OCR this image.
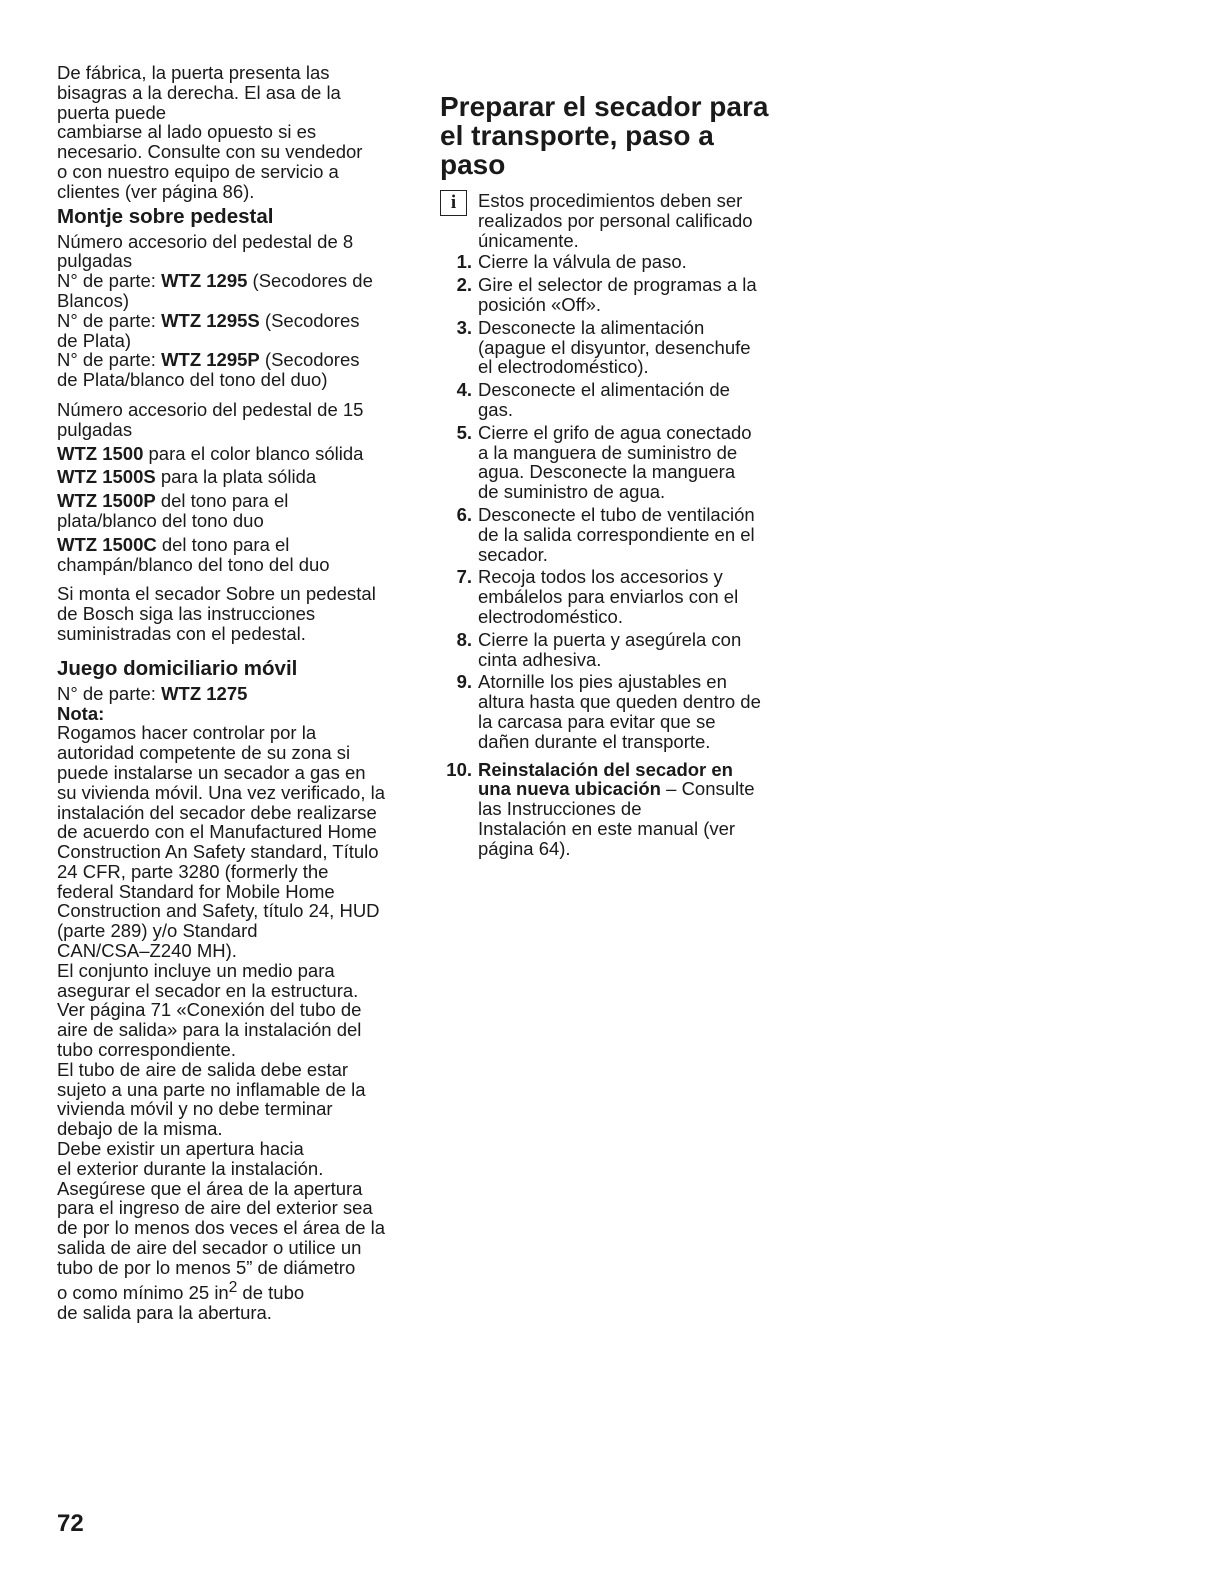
De fábrica, la puerta presenta las
bisagras a la derecha. El asa de la
puerta puede
cambiarse al lado opuesto si es
necesario. Consulte con su vendedor
o con nuestro equipo de servicio a
clientes (ver página 86).

Montje sobre pedestal

Número accesorio del pedestal de 8
pulgadas

N° de parte: WTZ 1295 (Secodores de
Blancos)

N° de parte: WTZ 1295S (Secodores
de Plata)

N° de parte: WTZ 1295P (Secodores
de Plata/blanco del tono del duo)

Número accesorio del pedestal de 15
pulgadas

WTZ 1500 para el color blanco sólida

WTZ 1500S para la plata sólida

WTZ 1500P del tono para el
plata/blanco del tono duo

WTZ 1500C del tono para el
champán/blanco del tono del duo

Si monta el secador Sobre un pedestal
de Bosch siga las instrucciones
suministradas con el pedestal.

Juego domiciliario móvil

N° de parte: WTZ 1275

Nota:

Rogamos hacer controlar por la
autoridad competente de su zona si
puede instalarse un secador a gas en
su vivienda móvil. Una vez verificado, la
instalación del secador debe realizarse
de acuerdo con el Manufactured Home
Construction An Safety standard, Título
24 CFR, parte 3280 (formerly the
federal Standard for Mobile Home
Construction and Safety, título 24, HUD
(parte 289) y/o Standard
CAN/CSA–Z240 MH).

El conjunto incluye un medio para
asegurar el secador en la estructura.

Ver página 71 «Conexión del tubo de
aire de salida» para la instalación del
tubo correspondiente.

El tubo de aire de salida debe estar
sujeto a una parte no inflamable de la
vivienda móvil y no debe terminar
debajo de la misma.

Debe existir un apertura hacia
el exterior durante la instalación.
Asegúrese que el área de la apertura
para el ingreso de aire del exterior sea
de por lo menos dos veces el área de la
salida de aire del secador o utilice un
tubo de por lo menos 5” de diámetro
o como mínimo 25 $in^2$ de tubo
de salida para la abertura.

Preparar el secador para
el transporte, paso a paso

i	Estos procedimientos deben ser
realizados por personal calificado
únicamente.

1. Cierre la válvula de paso.
2. Gire el selector de programas a la
posición «Off».
3. Desconecte la alimentación
(apague el disyuntor, desenchufe
el electrodoméstico).
4. Desconecte el alimentación de
gas.
5. Cierre el grifo de agua conectado
a la manguera de suministro de
agua. Desconecte la manguera
de suministro de agua.
6. Desconecte el tubo de ventilación
de la salida correspondiente en el
secador.
7. Recoja todos los accesorios y
embálelos para enviarlos con el
electrodoméstico.
8. Cierre la puerta y asegúrela con
cinta adhesiva.
9. Atornille los pies ajustables en
altura hasta que queden dentro de
la carcasa para evitar que se
dañen durante el transporte.
10. Reinstalación del secador en
una nueva ubicación – Consulte
las Instrucciones de
Instalación en este manual (ver
página 64).
72
